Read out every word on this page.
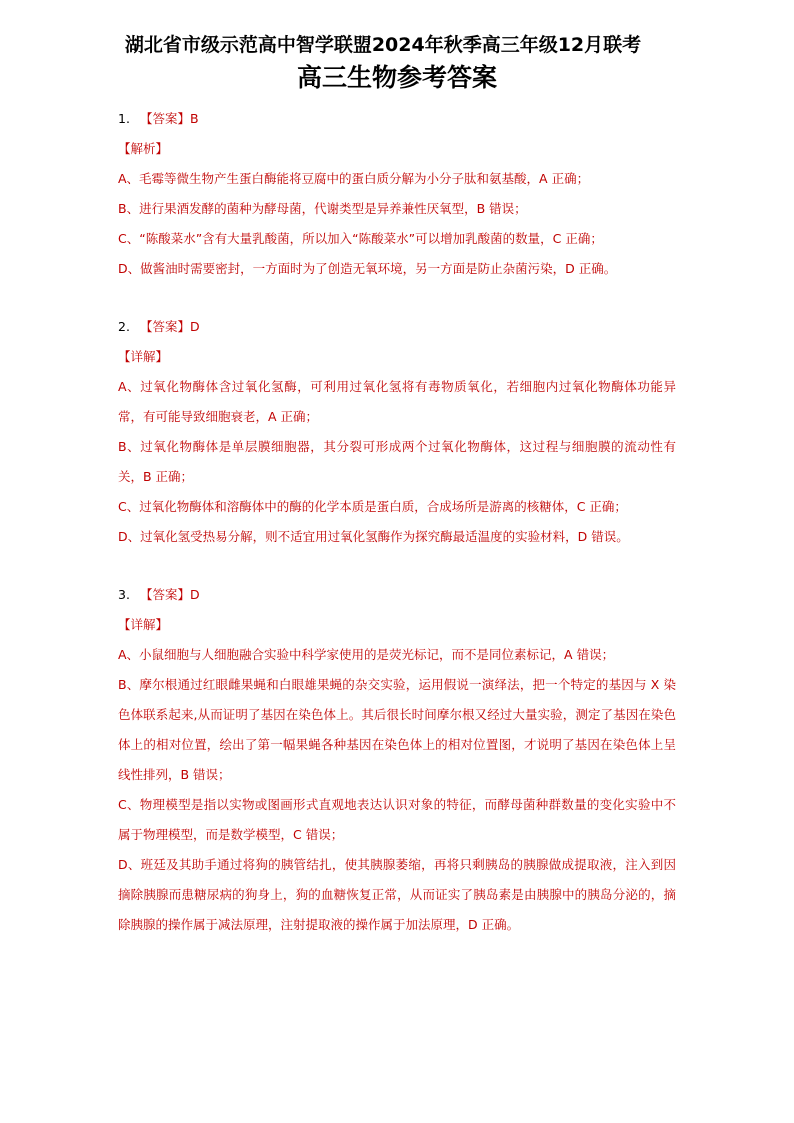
湖北省市级示范高中智学联盟2024年秋季高三年级12月联考
高三生物参考答案
1. 【答案】B
【解析】
A、毛霉等微生物产生蛋白酶能将豆腐中的蛋白质分解为小分子肽和氨基酸，A 正确；
B、进行果酒发酵的菌种为酵母菌，代谢类型是异养兼性厌氧型，B 错误；
C、“陈酸菜水”含有大量乳酸菌，所以加入“陈酸菜水”可以增加乳酸菌的数量，C 正确；
D、做酱油时需要密封，一方面时为了创造无氧环境，另一方面是防止杂菌污染，D 正确。
2. 【答案】D
【详解】
A、过氧化物酶体含过氧化氢酶，可利用过氧化氢将有毒物质氧化，若细胞内过氧化物酶体功能异常，有可能导致细胞衰老，A 正确；
B、过氧化物酶体是单层膜细胞器，其分裂可形成两个过氧化物酶体，这过程与细胞膜的流动性有关，B 正确；
C、过氧化物酶体和溶酶体中的酶的化学本质是蛋白质，合成场所是游离的核糖体，C 正确；
D、过氧化氢受热易分解，则不适宜用过氧化氢酶作为探究酶最适温度的实验材料，D 错误。
3. 【答案】D
【详解】
A、小鼠细胞与人细胞融合实验中科学家使用的是荧光标记，而不是同位素标记，A 错误；
B、摩尔根通过红眼雌果蝇和白眼雄果蝇的杂交实验，运用假说一演绎法，把一个特定的基因与 X 染色体联系起来,从而证明了基因在染色体上。其后很长时间摩尔根又经过大量实验，测定了基因在染色体上的相对位置，绘出了第一幅果蝇各种基因在染色体上的相对位置图，才说明了基因在染色体上呈线性排列，B 错误；
C、物理模型是指以实物或图画形式直观地表达认识对象的特征，而酵母菌种群数量的变化实验中不属于物理模型，而是数学模型，C 错误；
D、班廷及其助手通过将狗的胰管结扎，使其胰腺萎缩，再将只剩胰岛的胰腺做成提取液，注入到因摘除胰腺而患糖尿病的狗身上，狗的血糖恢复正常，从而证实了胰岛素是由胰腺中的胰岛分泌的，摘除胰腺的操作属于减法原理，注射提取液的操作属于加法原理，D 正确。
